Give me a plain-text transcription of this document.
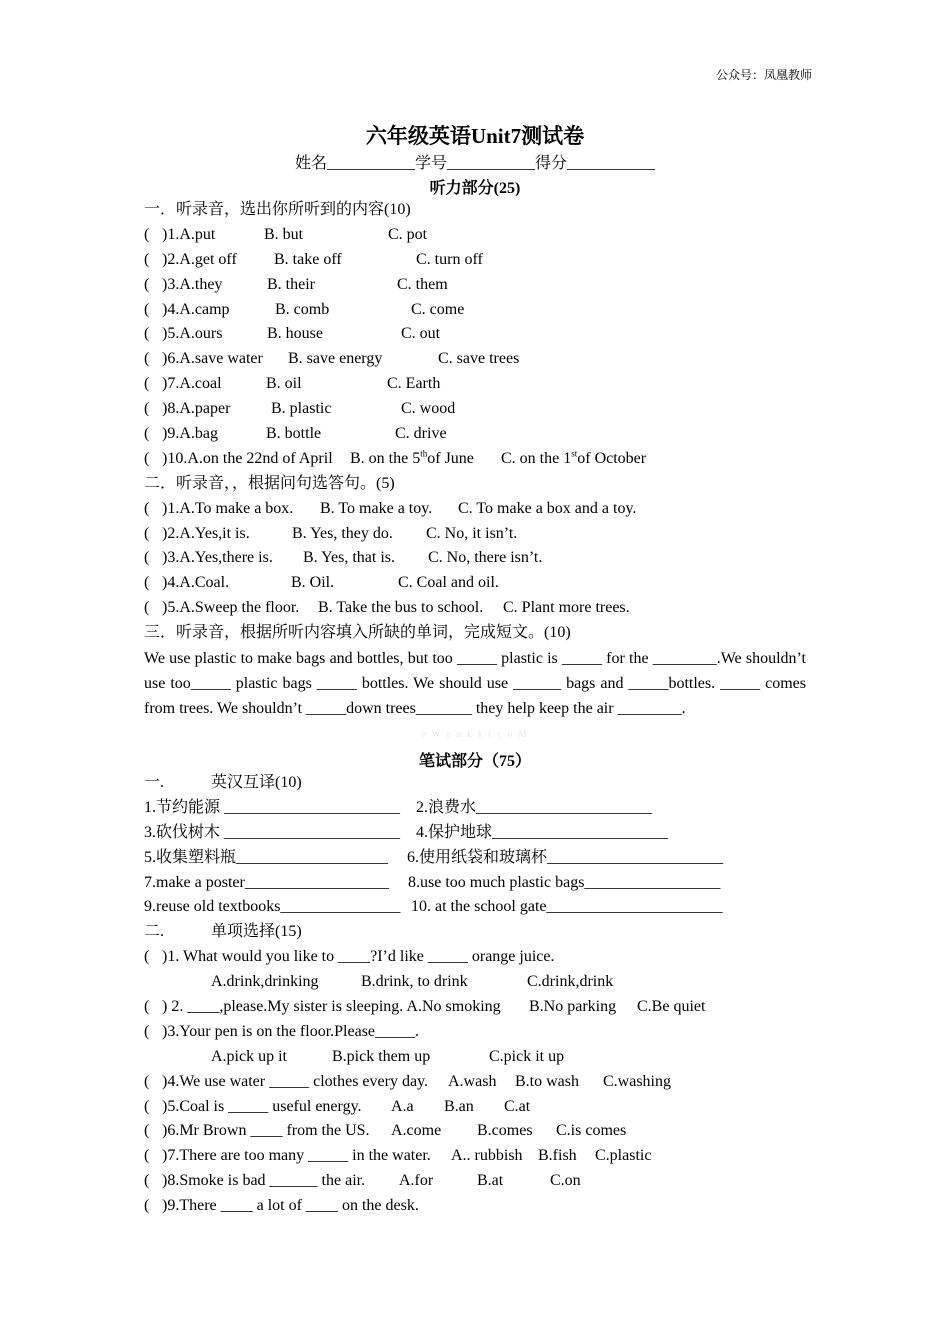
公众号：凤凰教师
六年级英语Unit7测试卷
姓名___________学号___________得分___________
听力部分(25)
一．听录音，选出你所听到的内容(10)
( )1.A.put	B. but	C. pot
( )2.A.get off B. take off	C. turn off
( )3.A.they	B. their	C. them
( )4.A.camp	B. comb	C. come
( )5.A.ours	B. house	C. out
( )6.A.save water B. save energy	C. save trees
( )7.A.coal	B. oil	C. Earth
( )8.A.paper	B. plastic	C. wood
( )9.A.bag	B. bottle	C. drive
( )10.A.on the 22nd of April B. on the 5thof June C. on the 1stof October
二．听录音，，根据问句选答句。(5)
( )1.A.To make a box. B. To make a toy. C. To make a box and a toy.
( )2.A.Yes,it is.	B. Yes, they do. C. No, it isn’t.
( )3.A.Yes,there is. B. Yes, that is. C. No, there isn’t.
( )4.A.Coal.	B. Oil.	C. Coal and oil.
( )5.A.Sweep the floor. B. Take the bus to school. C. Plant more trees.
三．听录音，根据所听内容填入所缺的单词，完成短文。(10)
We use plastic to make bags and bottles, but too _____ plastic is _____ for the ________.We shouldn’t use too_____ plastic bags _____ bottles. We should use ______ bags and _____bottles. _____ comes from trees. We shouldn’t _____down trees_______ they help keep the air ________.
e W e n k k t c o M
笔试部分（75）
一.	英汉互译(10)
1.节约能源 ______________________ 2.浪费水______________________
3.砍伐树木 ______________________ 4.保护地球______________________
5.收集塑料瓶___________________ 6.使用纸袋和玻璃杯______________________
7.make a poster__________________ 8.use too much plastic bags_________________
9.reuse old textbooks_______________ 10. at the school gate______________________
二.	单项选择(15)
( )1. What would you like to ____?I’d like _____ orange juice.
A.drink,drinking	B.drink, to drink	C.drink,drink
( ) 2. ____,please.My sister is sleeping. A.No smoking B.No parking C.Be quiet
( )3.Your pen is on the floor.Please_____.
A.pick up it	B.pick them up	C.pick it up
( )4.We use water _____ clothes every day. A.wash B.to wash C.washing
( )5.Coal is _____ useful energy. A.a B.an C.at
( )6.Mr Brown ____ from the US. A.come B.comes C.is comes
( )7.There are too many _____ in the water. A.. rubbish B.fish C.plastic
( )8.Smoke is bad ______ the air. A.for	B.at	C.on
( )9.There ____ a lot of ____ on the desk.
